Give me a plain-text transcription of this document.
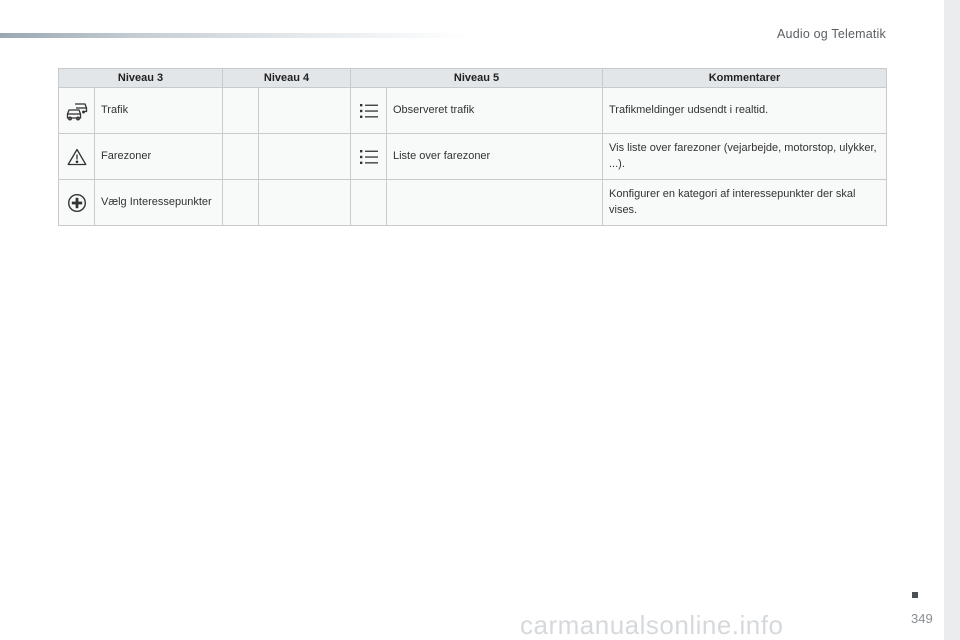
Audio og Telematik
Niveau 3		Niveau 4		Niveau 5		Kommentarer

	Trafik				Observeret trafik	Trafikmeldinger udsendt i realtid.

	Farezoner				Liste over farezoner	Vis liste over farezoner (vejarbejde, motorstop, ulykker, ...).

	Vælg Interessepunkter					Konfigurer en kategori af interessepunkter der skal vises.
carmanualsonline.info	349
